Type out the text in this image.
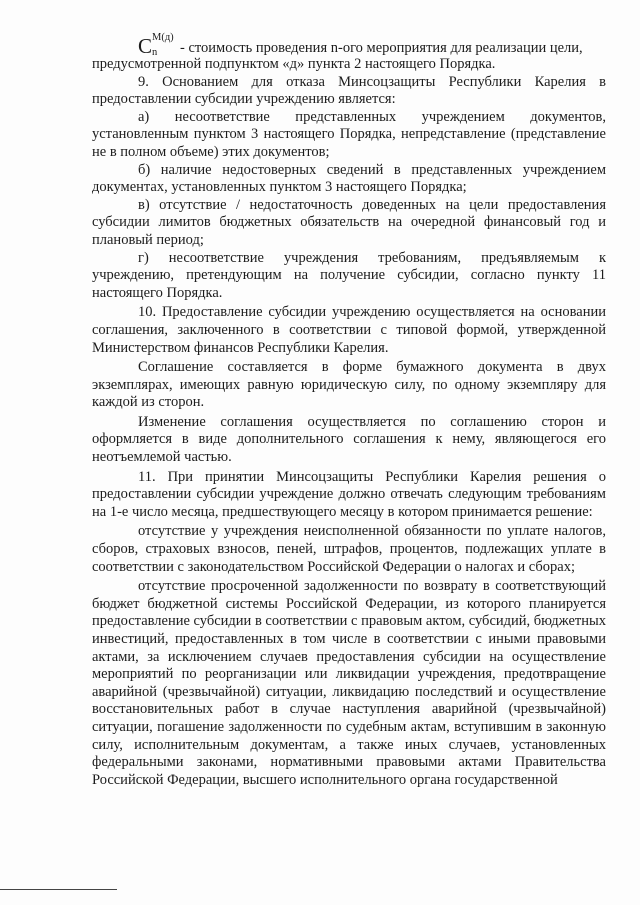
C М(д)
n - стоимость проведения n-ого мероприятия для реализации цели,

предусмотренной подпунктом «д» пункта 2 настоящего Порядка.

9. Основанием для отказа Минсоцзащиты Республики Карелия в предоставлении субсидии учреждению является:

а) несоответствие представленных учреждением документов, установленным пунктом 3 настоящего Порядка, непредставление (представление не в полном объеме) этих документов;

б) наличие недостоверных сведений в представленных учреждением документах, установленных пунктом 3 настоящего Порядка;

в) отсутствие / недостаточность доведенных на цели предоставления субсидии лимитов бюджетных обязательств на очередной финансовый год и плановый период;

г) несоответствие учреждения требованиям, предъявляемым к учреждению, претендующим на получение субсидии, согласно пункту 11 настоящего Порядка.

10. Предоставление субсидии учреждению осуществляется на основании соглашения, заключенного в соответствии с типовой формой, утвержденной Министерством финансов Республики Карелия.

Соглашение составляется в форме бумажного документа в двух экземплярах, имеющих равную юридическую силу, по одному экземпляру для каждой из сторон.

Изменение соглашения осуществляется по соглашению сторон и оформляется в виде дополнительного соглашения к нему, являющегося его неотъемлемой частью.

11. При принятии Минсоцзащиты Республики Карелия решения о предоставлении субсидии учреждение должно отвечать следующим требованиям на 1-е число месяца, предшествующего месяцу в котором принимается решение:

отсутствие у учреждения неисполненной обязанности по уплате налогов, сборов, страховых взносов, пеней, штрафов, процентов, подлежащих уплате в соответствии с законодательством Российской Федерации о налогах и сборах;

отсутствие просроченной задолженности по возврату в соответствующий бюджет бюджетной системы Российской Федерации, из которого планируется предоставление субсидии в соответствии с правовым актом, субсидий, бюджетных инвестиций, предоставленных в том числе в соответствии с иными правовыми актами, за исключением случаев предоставления субсидии на осуществление мероприятий по реорганизации или ликвидации учреждения, предотвращение аварийной (чрезвычайной) ситуации, ликвидацию последствий и осуществление восстановительных работ в случае наступления аварийной (чрезвычайной) ситуации, погашение задолженности по судебным актам, вступившим в законную силу, исполнительным документам, а также иных случаев, установленных федеральными законами, нормативными правовыми актами Правительства Российской Федерации, высшего исполнительного органа государственной
